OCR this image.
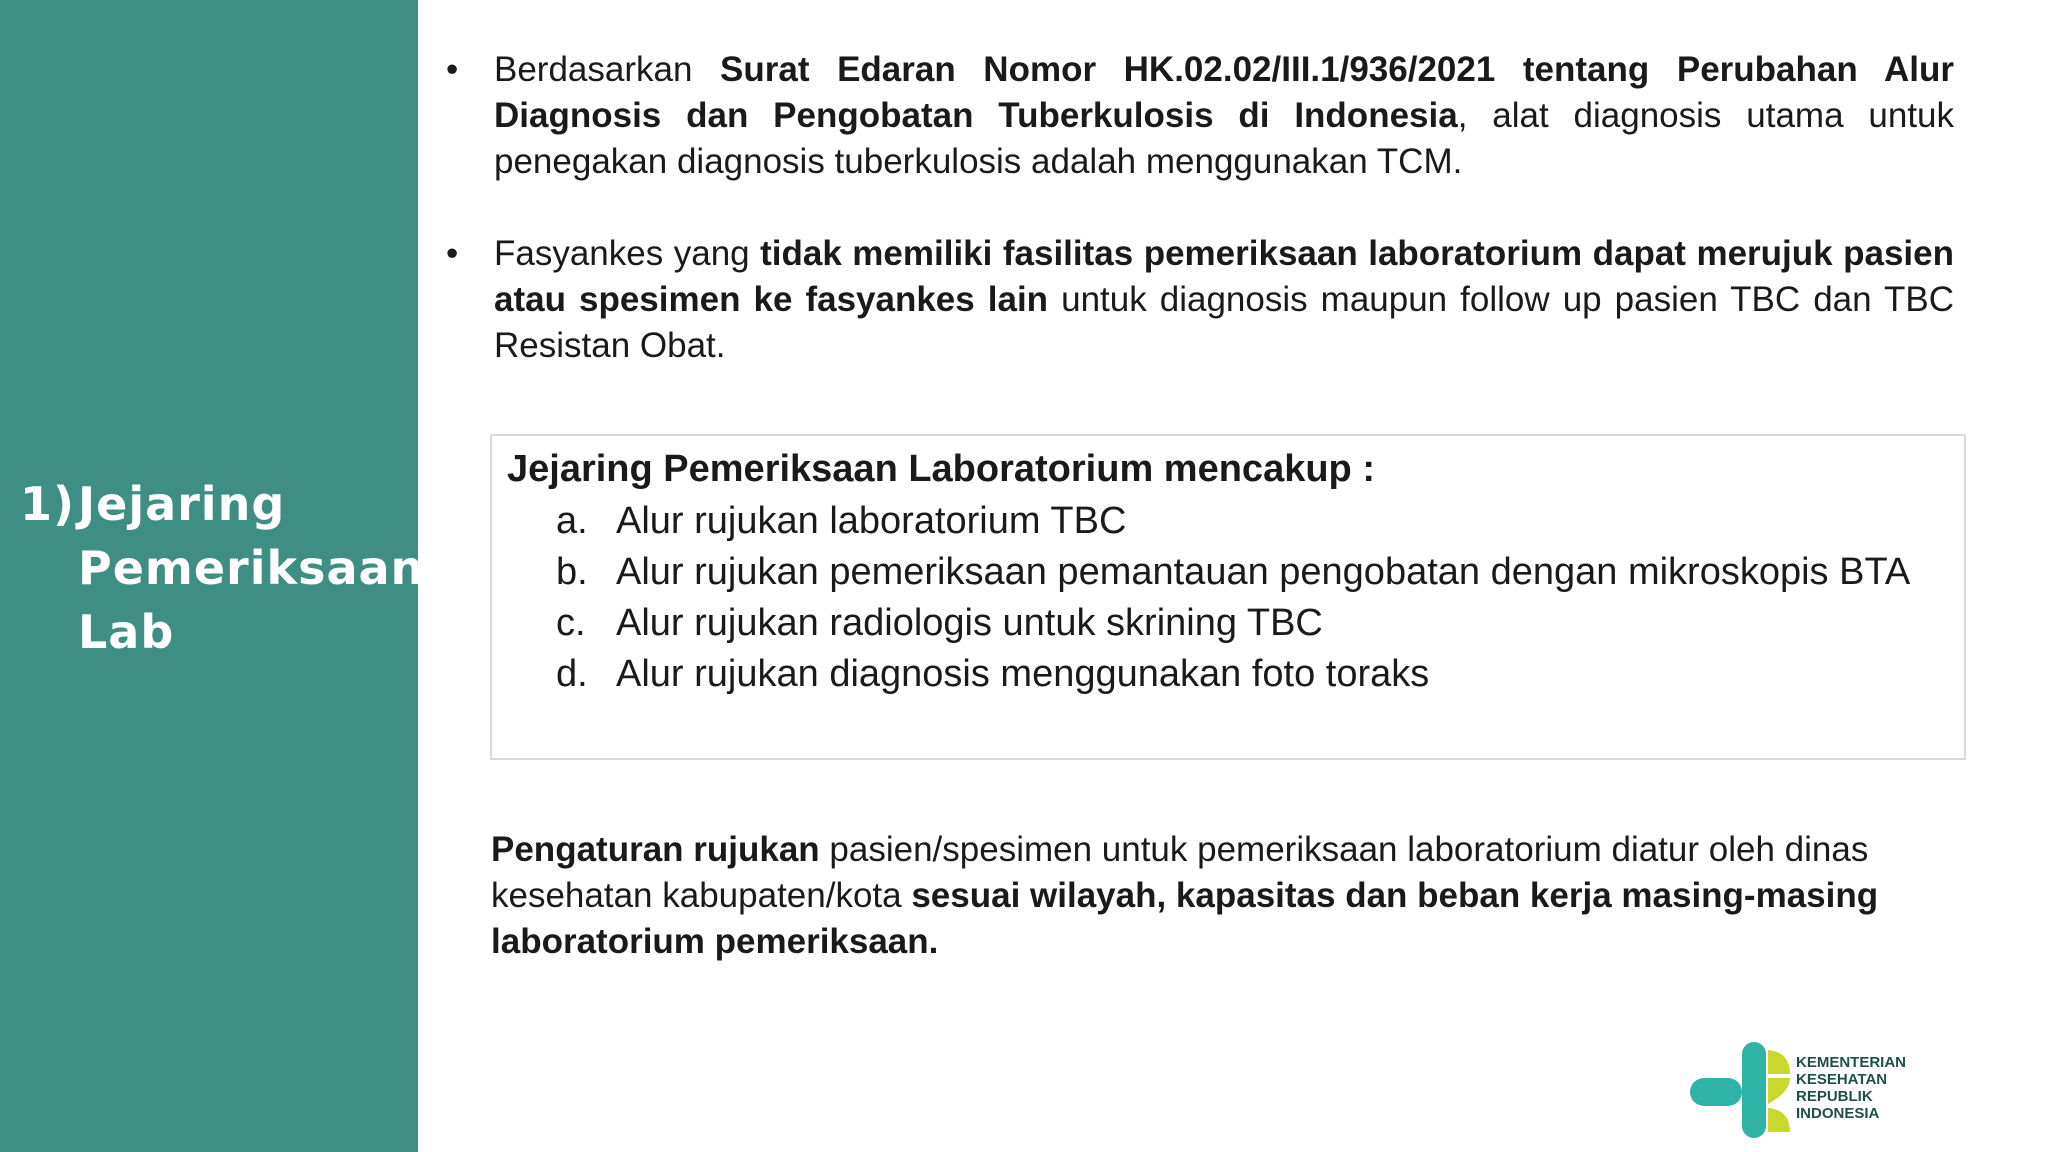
1)Jejaring
Pemeriksaan
Lab
•	Berdasarkan Surat Edaran Nomor HK.02.02/III.1/936/2021 tentang Perubahan Alur Diagnosis dan Pengobatan Tuberkulosis di Indonesia, alat diagnosis utama untuk penegakan diagnosis tuberkulosis adalah menggunakan TCM.
•	Fasyankes yang tidak memiliki fasilitas pemeriksaan laboratorium dapat merujuk pasien atau spesimen ke fasyankes lain untuk diagnosis maupun follow up pasien TBC dan TBC Resistan Obat.

Jejaring Pemeriksaan Laboratorium mencakup :

a. Alur rujukan laboratorium TBC
b. Alur rujukan pemeriksaan pemantauan pengobatan dengan mikroskopis BTA
c. Alur rujukan radiologis untuk skrining TBC
d. Alur rujukan diagnosis menggunakan foto toraks

Pengaturan rujukan pasien/spesimen untuk pemeriksaan laboratorium diatur oleh dinas kesehatan kabupaten/kota sesuai wilayah, kapasitas dan beban kerja masing-masing laboratorium pemeriksaan.

KEMENTERIAN
KESEHATAN
REPUBLIK
INDONESIA
